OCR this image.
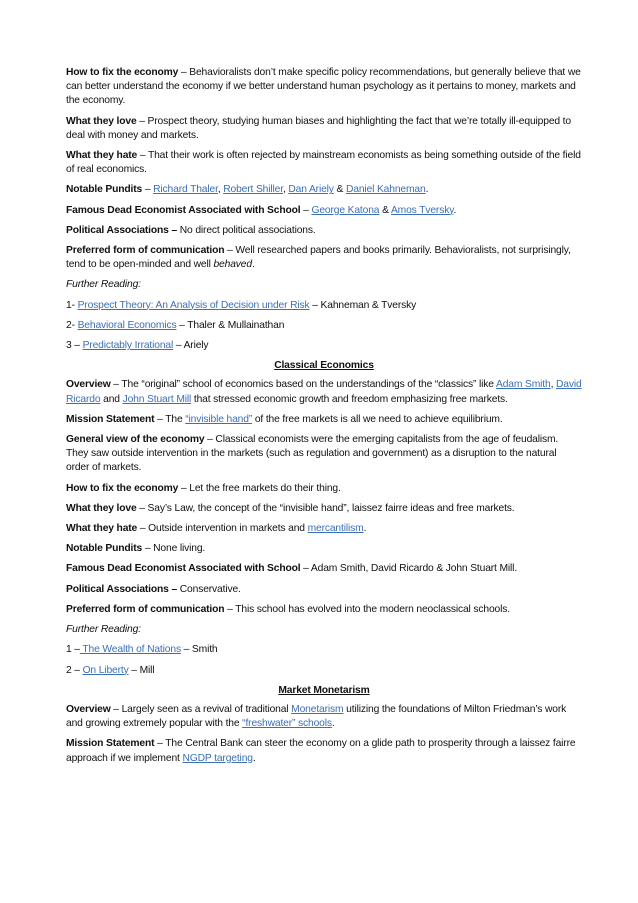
How to fix the economy – Behavioralists don’t make specific policy recommendations, but generally believe that we can better understand the economy if we better understand human psychology as it pertains to money, markets and the economy.

What they love – Prospect theory, studying human biases and highlighting the fact that we’re totally ill-equipped to deal with money and markets.

What they hate – That their work is often rejected by mainstream economists as being something outside of the field of real economics.

Notable Pundits – Richard Thaler, Robert Shiller, Dan Ariely & Daniel Kahneman.

Famous Dead Economist Associated with School – George Katona & Amos Tversky.

Political Associations – No direct political associations.

Preferred form of communication – Well researched papers and books primarily. Behavioralists, not surprisingly, tend to be open-minded and well behaved.

Further Reading:

1- Prospect Theory: An Analysis of Decision under Risk – Kahneman & Tversky

2- Behavioral Economics – Thaler & Mullainathan

3 – Predictably Irrational – Ariely

Classical Economics

Overview – The “original” school of economics based on the understandings of the “classics” like Adam Smith, David Ricardo and John Stuart Mill that stressed economic growth and freedom emphasizing free markets.

Mission Statement – The “invisible hand” of the free markets is all we need to achieve equilibrium.

General view of the economy – Classical economists were the emerging capitalists from the age of feudalism. They saw outside intervention in the markets (such as regulation and government) as a disruption to the natural order of markets.

How to fix the economy – Let the free markets do their thing.

What they love – Say’s Law, the concept of the “invisible hand”, laissez fairre ideas and free markets.

What they hate – Outside intervention in markets and mercantilism.

Notable Pundits – None living.

Famous Dead Economist Associated with School – Adam Smith, David Ricardo & John Stuart Mill.

Political Associations – Conservative.

Preferred form of communication – This school has evolved into the modern neoclassical schools.

Further Reading:

1 – The Wealth of Nations – Smith

2 – On Liberty – Mill

Market Monetarism

Overview – Largely seen as a revival of traditional Monetarism utilizing the foundations of Milton Friedman’s work and growing extremely popular with the “freshwater” schools.

Mission Statement – The Central Bank can steer the economy on a glide path to prosperity through a laissez fairre approach if we implement NGDP targeting.
